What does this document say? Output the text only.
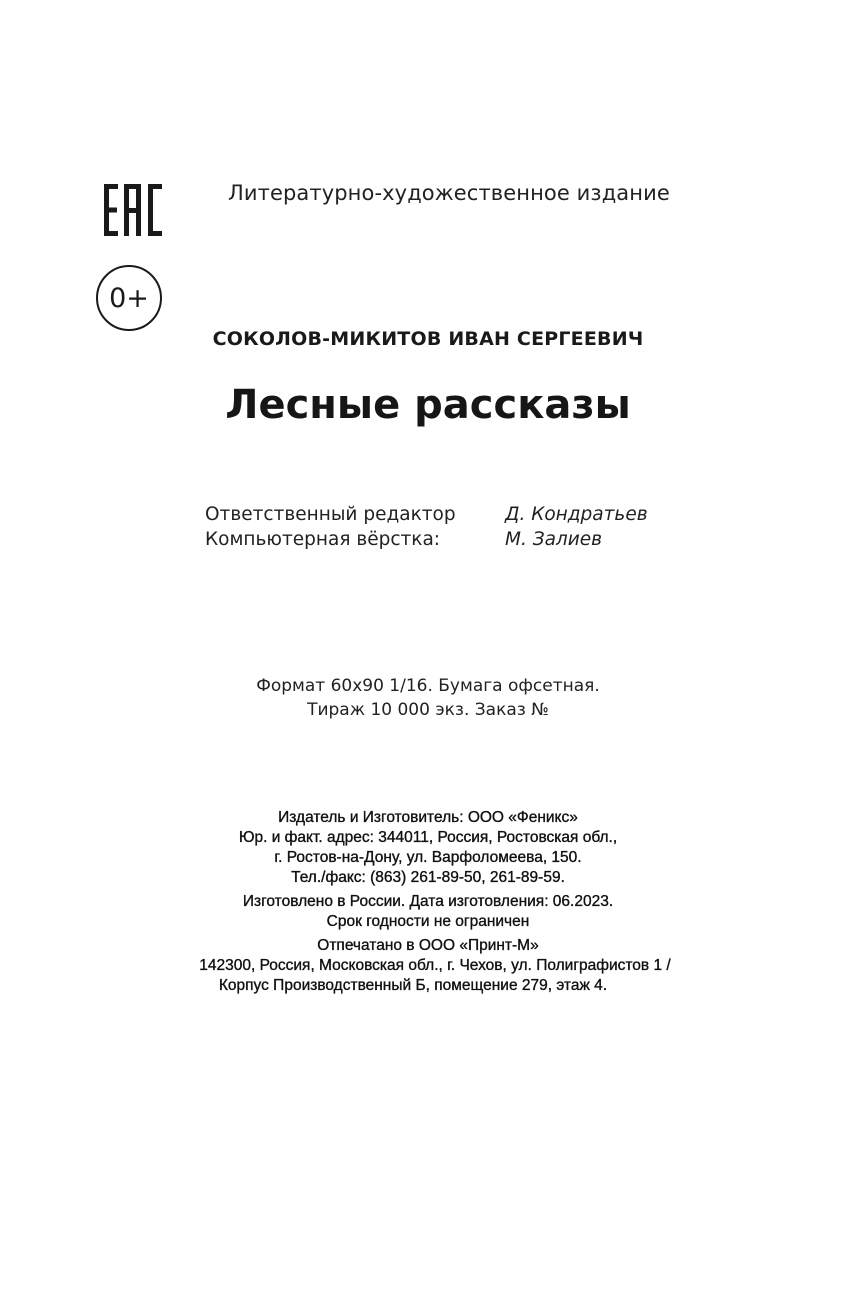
0+
Литературно-художественное издание
СОКОЛОВ-МИКИТОВ ИВАН СЕРГЕЕВИЧ
Лесные рассказы
Ответственный редактор	Д. Кондратьев
Компьютерная вёрстка:	М. Залиев
Формат 60х90 1/16. Бумага офсетная.
Тираж 10 000 экз. Заказ №
Издатель и Изготовитель: ООО «Феникс»
Юр. и факт. адрес: 344011, Россия, Ростовская обл.,
г. Ростов-на-Дону, ул. Варфоломеева, 150.
Тел./факс: (863) 261-89-50, 261-89-59.
Изготовлено в России. Дата изготовления: 06.2023.
Срок годности не ограничен
Отпечатано в ООО «Принт-М»
142300, Россия, Московская обл., г. Чехов, ул. Полиграфистов 1 /
Корпус Производственный Б, помещение 279, этаж 4.
